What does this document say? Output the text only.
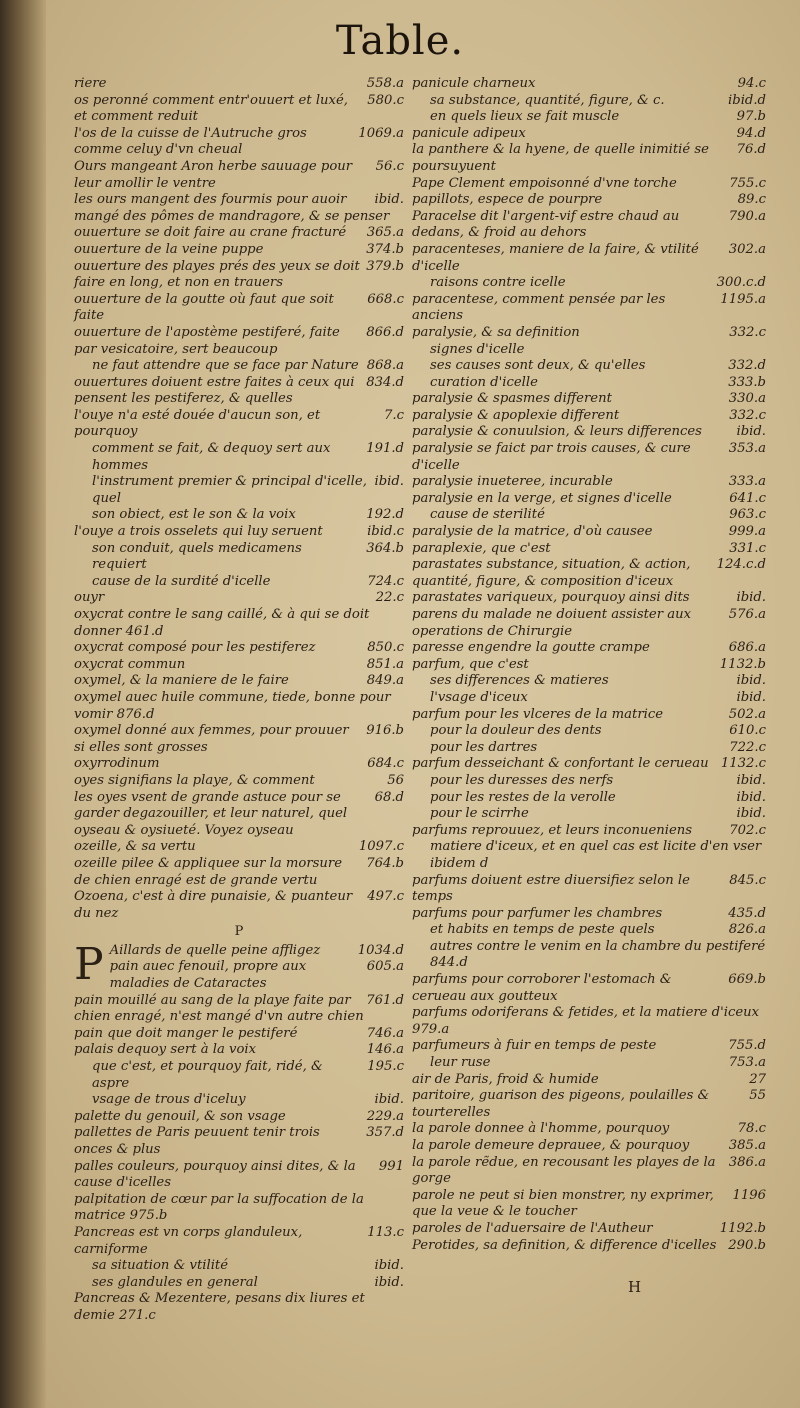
Table.
558.a
riere
580.c
os peronné comment entr'ouuert et luxé, et comment reduit
1069.a
l'os de la cuisse de l'Autruche gros comme celuy d'vn cheual
56.c
Ours mangeant Aron herbe sauuage pour leur amollir le ventre
ibid.
les ours mangent des fourmis pour auoir mangé des pômes de mandragore, & se penser
365.a
ouuerture se doit faire au crane fracturé
374.b
ouuerture de la veine puppe
379.b
ouuerture des playes prés des yeux se doit faire en long, et non en trauers
668.c
ouuerture de la goutte où faut que soit faite
866.d
ouuerture de l'apostème pestiferé, faite par vesicatoire, sert beaucoup
868.a
ne faut attendre que se face par Nature
834.d
ouuertures doiuent estre faites à ceux qui pensent les pestiferez, & quelles
7.c
l'ouye n'a esté douée d'aucun son, et pourquoy
191.d
comment se fait, & dequoy sert aux hommes
ibid.
l'instrument premier & principal d'icelle, quel
192.d
son obiect, est le son & la voix
ibid.c
l'ouye a trois osselets qui luy seruent
364.b
son conduit, quels medicamens requiert
724.c
cause de la surdité d'icelle
22.c
ouyr
oxycrat contre le sang caillé, & à qui se doit donner 461.d
850.c
oxycrat composé pour les pestiferez
851.a
oxycrat commun
849.a
oxymel, & la maniere de le faire
oxymel auec huile commune, tiede, bonne pour vomir 876.d
916.b
oxymel donné aux femmes, pour prouuer si elles sont grosses
684.c
oxyrrodinum
56
oyes signifians la playe, & comment
68.d
les oyes vsent de grande astuce pour se garder degazouiller, et leur naturel, quel
oyseau & oysiueté. Voyez oyseau
1097.c
ozeille, & sa vertu
764.b
ozeille pilee & appliquee sur la morsure de chien enragé est de grande vertu
497.c
Ozoena, c'est à dire punaisie, & puanteur du nez
P
P	1034.d
Aillards de quelle peine affligez
605.a
pain auec fenouil, propre aux maladies de Cataractes
761.d
pain mouillé au sang de la playe faite par chien enragé, n'est mangé d'vn autre chien
746.a
pain que doit manger le pestiferé
146.a
palais dequoy sert à la voix
195.c
que c'est, et pourquoy fait, ridé, & aspre
ibid.
vsage de trous d'iceluy
229.a
palette du genouil, & son vsage
357.d
pallettes de Paris peuuent tenir trois onces & plus
991
palles couleurs, pourquoy ainsi dites, & la cause d'icelles
palpitation de cœur par la suffocation de la matrice 975.b
113.c
Pancreas est vn corps glanduleux, carniforme
ibid.
sa situation & vtilité
ibid.
ses glandules en general
Pancreas & Mezentere, pesans dix liures et demie 271.c
94.c
panicule charneux
ibid.d
sa substance, quantité, figure, & c.
97.b
en quels lieux se fait muscle
94.d
panicule adipeux
76.d
la panthere & la hyene, de quelle inimitié se poursuyuent
755.c
Pape Clement empoisonné d'vne torche
89.c
papillots, espece de pourpre
790.a
Paracelse dit l'argent-vif estre chaud au dedans, & froid au dehors
302.a
paracenteses, maniere de la faire, & vtilité d'icelle
300.c.d
raisons contre icelle
1195.a
paracentese, comment pensée par les anciens
332.c
paralysie, & sa definition
signes d'icelle
332.d
ses causes sont deux, & qu'elles
333.b
curation d'icelle
330.a
paralysie & spasmes different
332.c
paralysie & apoplexie different
ibid.
paralysie & conuulsion, & leurs differences
353.a
paralysie se faict par trois causes, & cure d'icelle
333.a
paralysie inueteree, incurable
641.c
paralysie en la verge, et signes d'icelle
963.c
cause de sterilité
999.a
paralysie de la matrice, d'où causee
331.c
paraplexie, que c'est
124.c.d
parastates substance, situation, & action, quantité, figure, & composition d'iceux
ibid.
parastates variqueux, pourquoy ainsi dits
576.a
parens du malade ne doiuent assister aux operations de Chirurgie
686.a
paresse engendre la goutte crampe
1132.b
parfum, que c'est
ibid.
ses differences & matieres
ibid.
l'vsage d'iceux
502.a
parfum pour les vlceres de la matrice
610.c
pour la douleur des dents
722.c
pour les dartres
1132.c
parfum desseichant & confortant le cerueau
ibid.
pour les duresses des nerfs
ibid.
pour les restes de la verolle
ibid.
pour le scirrhe
702.c
parfums reprouuez, et leurs inconueniens
matiere d'iceux, et en quel cas est licite d'en vser ibidem d
845.c
parfums doiuent estre diuersifiez selon le temps
435.d
parfums pour parfumer les chambres
826.a
et habits en temps de peste quels
autres contre le venim en la chambre du pestiferé 844.d
669.b
parfums pour corroborer l'estomach & cerueau aux goutteux
parfums odoriferans & fetides, et la matiere d'iceux 979.a
755.d
parfumeurs à fuir en temps de peste
753.a
leur ruse
27
air de Paris, froid & humide
55
paritoire, guarison des pigeons, poulailles & tourterelles
78.c
la parole donnee à l'homme, pourquoy
385.a
la parole demeure deprauee, & pourquoy
386.a
la parole rẽdue, en recousant les playes de la gorge
1196
parole ne peut si bien monstrer, ny exprimer, que la veue & le toucher
1192.b
paroles de l'aduersaire de l'Autheur
290.b
Perotides, sa definition, & difference d'icelles
H
